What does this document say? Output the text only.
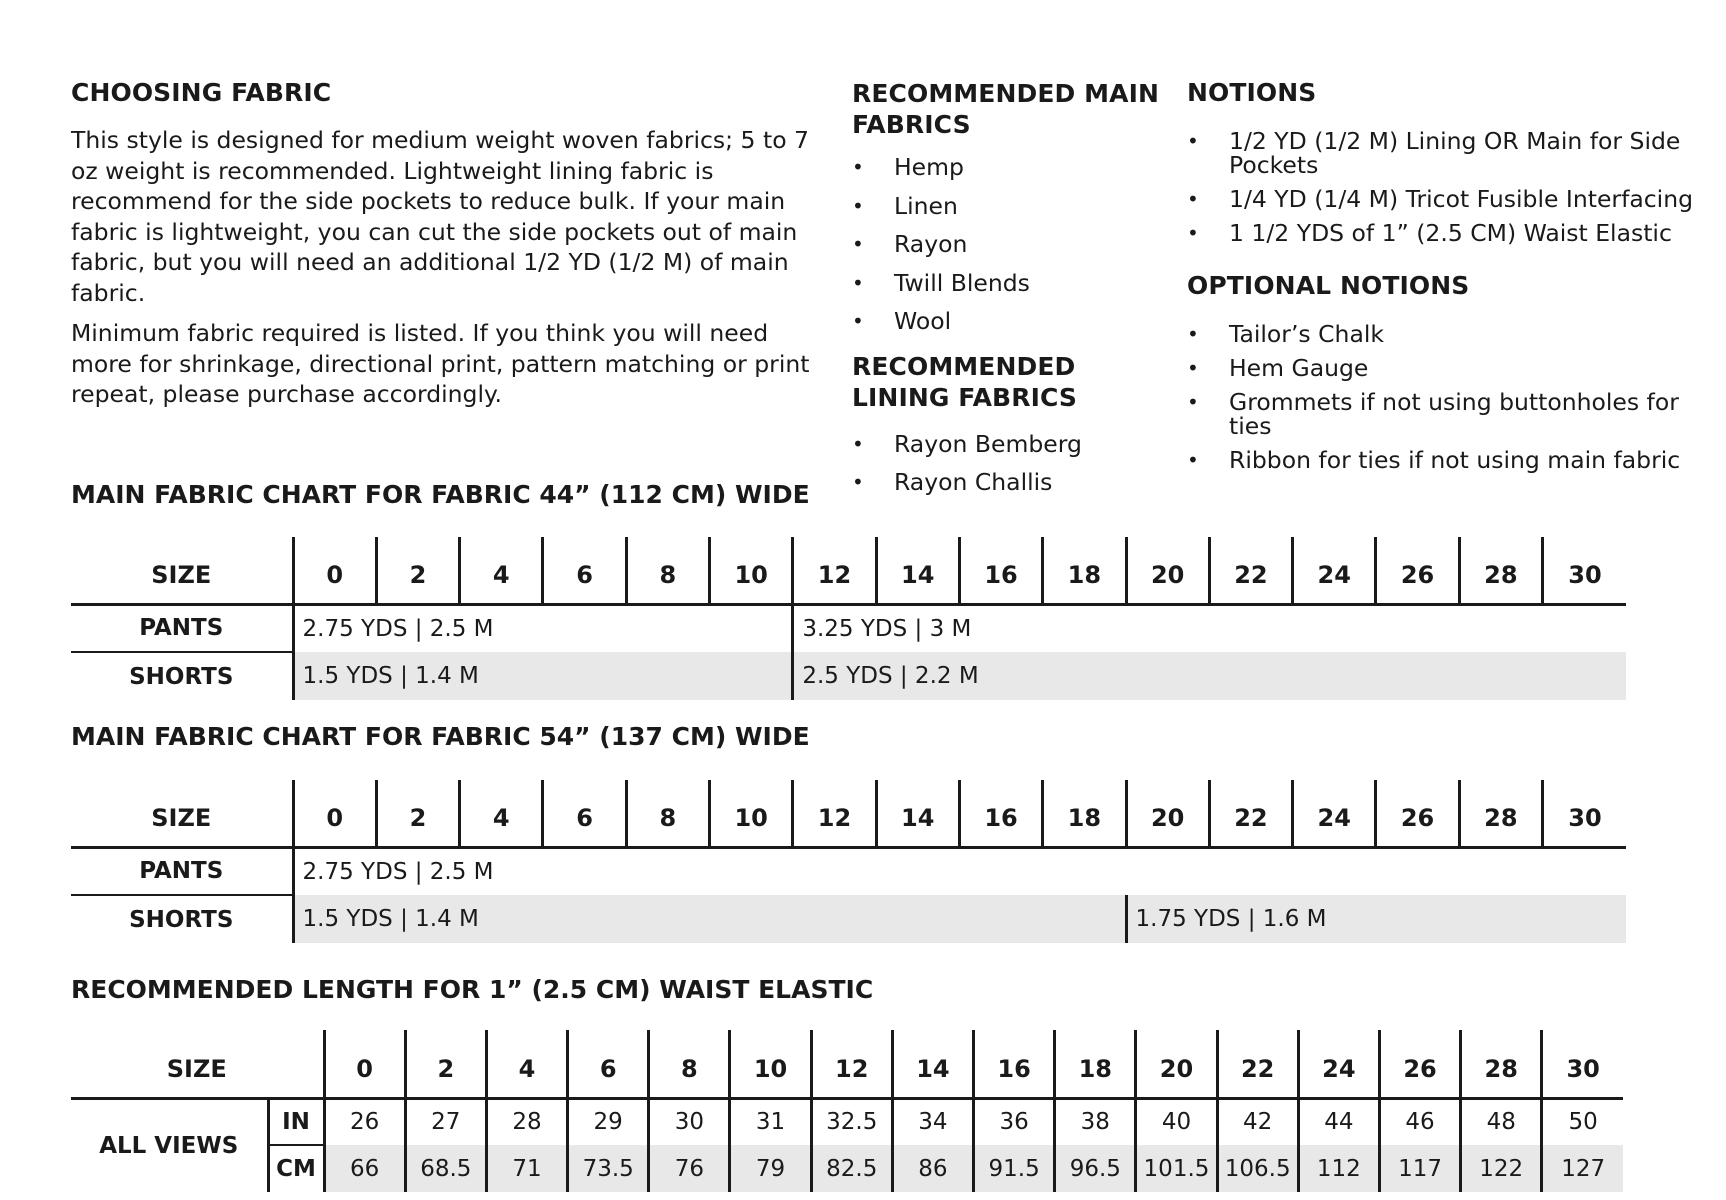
CHOOSING FABRIC

This style is designed for medium weight woven fabrics; 5 to 7 oz weight is recommended. Lightweight lining fabric is recommend for the side pockets to reduce bulk. If your main fabric is lightweight, you can cut the side pockets out of main fabric, but you will need an additional 1/2 YD (1/2 M) of main fabric.

Minimum fabric required is listed. If you think you will need more for shrinkage, directional print, pattern matching or print repeat, please purchase accordingly.

RECOMMENDED MAIN FABRICS
• Hemp
• Linen
• Rayon
• Twill Blends
• Wool
RECOMMENDED LINING FABRICS
• Rayon Bemberg
• Rayon Challis
NOTIONS
• 1/2 YD (1/2 M) Lining OR Main for Side Pockets
• 1/4 YD (1/4 M) Tricot Fusible Interfacing
• 1 1/2 YDS of 1” (2.5 CM) Waist Elastic
OPTIONAL NOTIONS
• Tailor’s Chalk
• Hem Gauge
• Grommets if not using buttonholes for ties
• Ribbon for ties if not using main fabric
MAIN FABRIC CHART FOR FABRIC 44” (112 CM) WIDE
SIZE	0	2	4	6	8	10	12	14	16	18	20	22	24	26	28	30
PANTS	2.75 YDS | 2.5 M						3.25 YDS | 3 M									
SHORTS	1.5 YDS | 1.4 M						2.5 YDS | 2.2 M									
MAIN FABRIC CHART FOR FABRIC 54” (137 CM) WIDE
SIZE	0	2	4	6	8	10	12	14	16	18	20	22	24	26	28	30
PANTS	2.75 YDS | 2.5 M															
SHORTS	1.5 YDS | 1.4 M										1.75 YDS | 1.6 M					
RECOMMENDED LENGTH FOR 1” (2.5 CM) WAIST ELASTIC
SIZE		0	2	4	6	8	10	12	14	16	18	20	22	24	26	28	30
ALL VIEWS	IN	26	27	28	29	30	31	32.5	34	36	38	40	42	44	46	48	50
	CM	66	68.5	71	73.5	76	79	82.5	86	91.5	96.5	101.5	106.5	112	117	122	127
